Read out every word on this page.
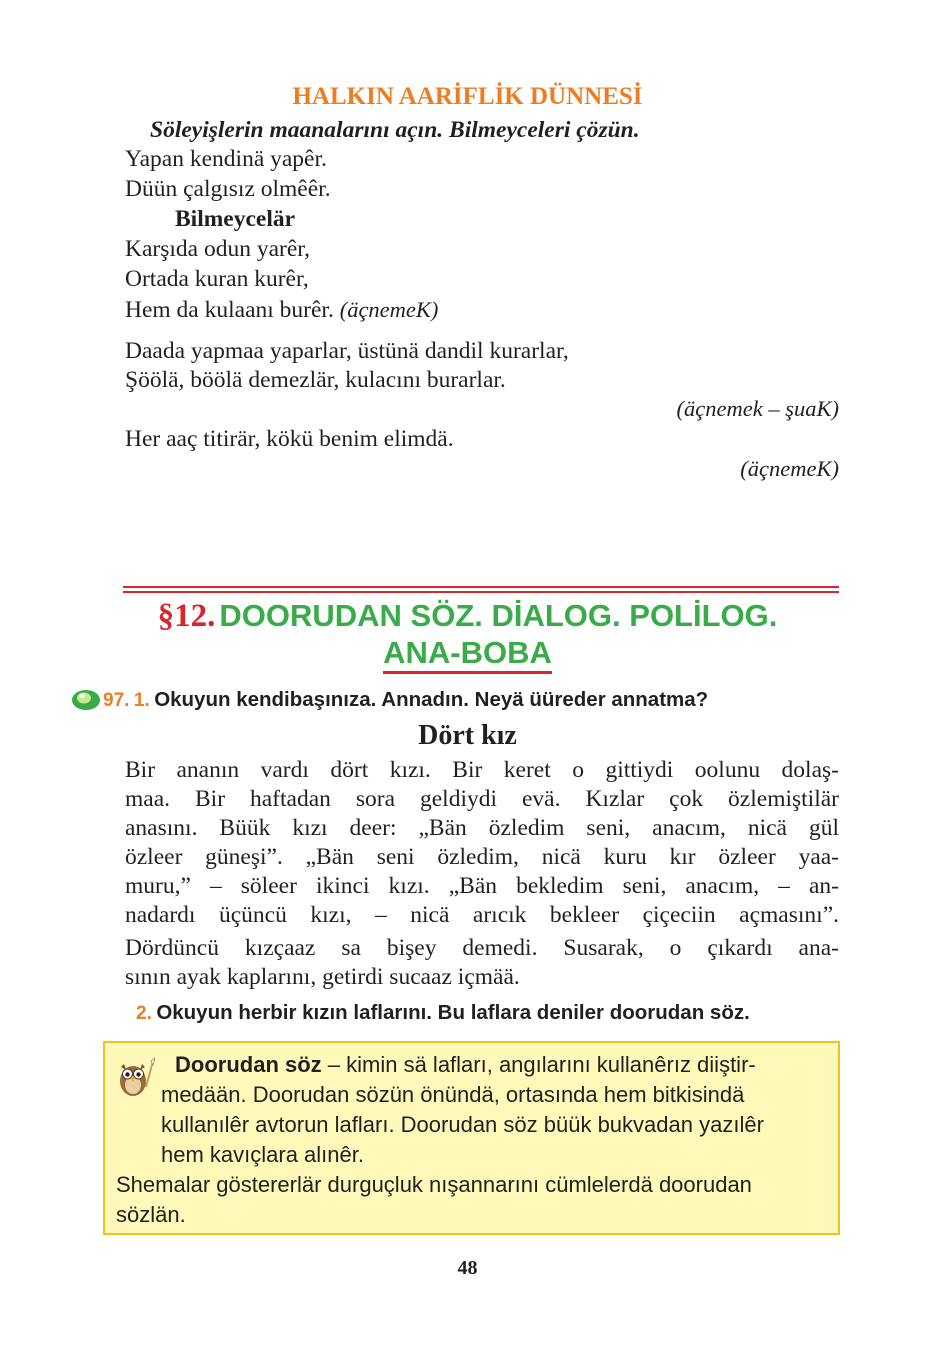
HALKIN AARİFLİK DÜNNESİ
Söleyişlerin maanalarını açın. Bilmeyceleri çözün.
Yapan kendinä yapêr.
Düün çalgısız olmêêr.
Bilmeycelär
Karşıda odun yarêr,
Ortada kuran kurêr,
Hem da kulaanı burêr. (äçnemeK)
Daada yapmaa yaparlar, üstünä dandil kurarlar,
Şöölä, böölä demezlär, kulacını burarlar.
(äçnemek – şuaK)
Her aaç titirär, kökü benim elimdä.
(äçnemeK)
§12. DOORUDAN SÖZ. DİALOG. POLİLOG.
ANA-BOBA
97. 1. Okuyun kendibaşınıza. Annadın. Neyä üüreder annatma?
Dört kız
Bir ananın vardı dört kızı. Bir keret o gittiydi oolunu dolaş-
maa. Bir haftadan sora geldiydi evä. Kızlar çok özlemiştilär
anasını. Büük kızı deer: „Bän özledim seni, anacım, nicä gül
özleer güneşi”. „Bän seni özledim, nicä kuru kır özleer yaa-
muru,” – söleer ikinci kızı. „Bän bekledim seni, anacım, – an-
nadardı üçüncü kızı, – nicä arıcık bekleer çiçeciin açmasını”.
Dördüncü kızçaaz sa bişey demedi. Susarak, o çıkardı ana-
sının ayak kaplarını, getirdi sucaaz içmää.
2. Okuyun herbir kızın laflarını. Bu laflara deniler doorudan söz.
Doorudan söz – kimin sä lafları, angılarını kullanêrız diiştir-
medään. Doorudan sözün önündä, ortasında hem bitkisindä
kullanılêr avtorun lafları. Doorudan söz büük bukvadan yazılêr
hem kavıçlara alınêr.
Shemalar göstererlär durguçluk nışannarını cümlelerdä doorudan
sözlän.
48
